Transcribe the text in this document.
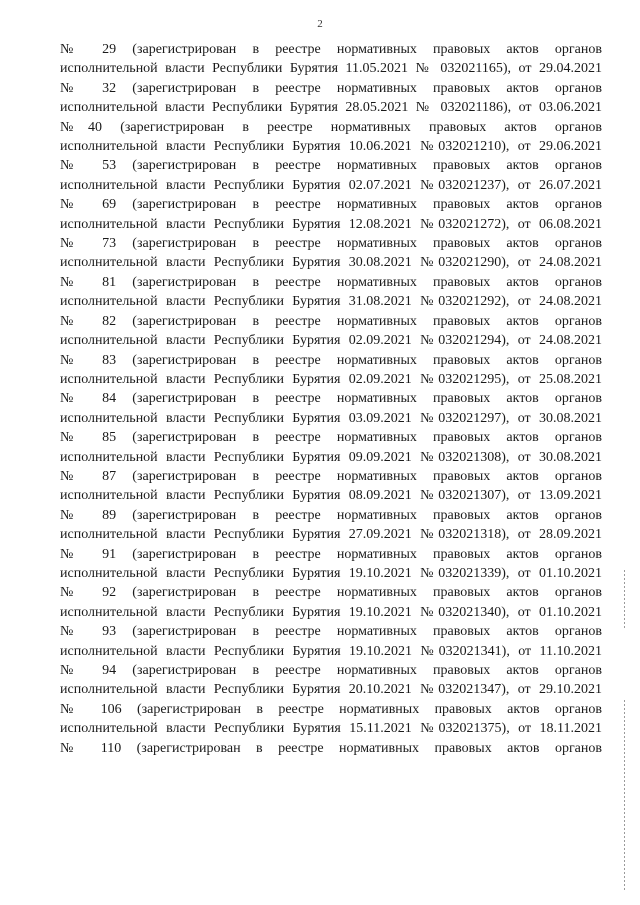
2

№ 29 (зарегистрирован в реестре нормативных правовых актов органов
исполнительной власти Республики Бурятия 11.05.2021 № 032021165), от 29.04.2021

№ 32 (зарегистрирован в реестре нормативных правовых актов органов
исполнительной власти Республики Бурятия 28.05.2021 № 032021186), от 03.06.2021

№40 (зарегистрирован в реестре нормативных правовых актов органов
исполнительной власти Республики Бурятия 10.06.2021 №032021210), от 29.06.2021

№ 53 (зарегистрирован в реестре нормативных правовых актов органов
исполнительной власти Республики Бурятия 02.07.2021 №032021237), от 26.07.2021

№ 69 (зарегистрирован в реестре нормативных правовых актов органов
исполнительной власти Республики Бурятия 12.08.2021 №032021272), от 06.08.2021

№ 73 (зарегистрирован в реестре нормативных правовых актов органов
исполнительной власти Республики Бурятия 30.08.2021 №032021290), от 24.08.2021

№ 81 (зарегистрирован в реестре нормативных правовых актов органов
исполнительной власти Республики Бурятия 31.08.2021 №032021292), от 24.08.2021

№ 82 (зарегистрирован в реестре нормативных правовых актов органов
исполнительной власти Республики Бурятия 02.09.2021 №032021294), от 24.08.2021

№ 83 (зарегистрирован в реестре нормативных правовых актов органов
исполнительной власти Республики Бурятия 02.09.2021 №032021295), от 25.08.2021

№ 84 (зарегистрирован в реестре нормативных правовых актов органов
исполнительной власти Республики Бурятия 03.09.2021 №032021297), от 30.08.2021

№ 85 (зарегистрирован в реестре нормативных правовых актов органов
исполнительной власти Республики Бурятия 09.09.2021 №032021308), от 30.08.2021

№ 87 (зарегистрирован в реестре нормативных правовых актов органов
исполнительной власти Республики Бурятия 08.09.2021 №032021307), от 13.09.2021

№ 89 (зарегистрирован в реестре нормативных правовых актов органов
исполнительной власти Республики Бурятия 27.09.2021 №032021318), от 28.09.2021

№ 91 (зарегистрирован в реестре нормативных правовых актов органов
исполнительной власти Республики Бурятия 19.10.2021 №032021339), от 01.10.2021

№ 92 (зарегистрирован в реестре нормативных правовых актов органов
исполнительной власти Республики Бурятия 19.10.2021 №032021340), от 01.10.2021

№ 93 (зарегистрирован в реестре нормативных правовых актов органов
исполнительной власти Республики Бурятия 19.10.2021 №032021341), от 11.10.2021

№ 94 (зарегистрирован в реестре нормативных правовых актов органов
исполнительной власти Республики Бурятия 20.10.2021 №032021347), от 29.10.2021

№ 106 (зарегистрирован в реестре нормативных правовых актов органов
исполнительной власти Республики Бурятия 15.11.2021 №032021375), от 18.11.2021

№ 110 (зарегистрирован в реестре нормативных правовых актов органов
